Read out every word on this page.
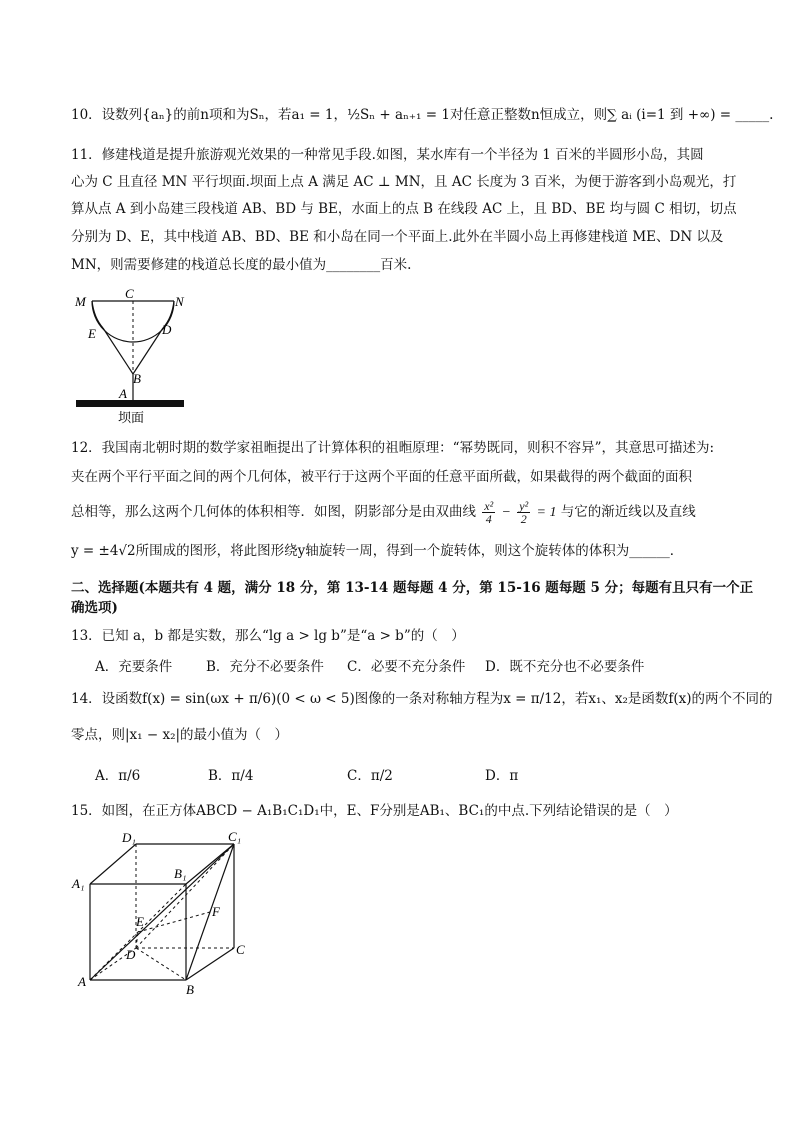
10．设数列{aₙ}的前n项和为Sₙ，若a₁ = 1，½Sₙ + aₙ₊₁ = 1对任意正整数n恒成立，则∑ aᵢ (i=1 到 +∞) = _____.
11．修建栈道是提升旅游观光效果的一种常见手段.如图，某水库有一个半径为 1 百米的半圆形小岛，其圆
心为 C 且直径 MN 平行坝面.坝面上点 A 满足 AC ⊥ MN，且 AC 长度为 3 百米，为便于游客到小岛观光，打
算从点 A 到小岛建三段栈道 AB、BD 与 BE，水面上的点 B 在线段 AC 上，且 BD、BE 均与圆 C 相切，切点
分别为 D、E，其中栈道 AB、BD、BE 和小岛在同一个平面上.此外在半圆小岛上再修建栈道 ME、DN 以及
MN，则需要修建的栈道总长度的最小值为________百米.
M
C
N
E	D
B
A
坝面
12．我国南北朝时期的数学家祖暅提出了计算体积的祖暅原理：“幂势既同，则积不容异”，其意思可描述为:
夹在两个平行平面之间的两个几何体，被平行于这两个平面的任意平面所截，如果截得的两个截面的面积
总相等，那么这两个几何体的体积相等．如图，阴影部分是由双曲线 $\frac{\text{x²}}{4} - \frac{\text{y²}}{2} = 1$ 与它的渐近线以及直线
y = ±4√2所围成的图形，将此图形绕y轴旋转一周，得到一个旋转体，则这个旋转体的体积为______．
二、选择题(本题共有 4 题，满分 18 分，第 13-14 题每题 4 分，第 15-16 题每题 5 分；每题有且只有一个正
确选项)
13．已知 a，b 都是实数，那么“lg a > lg b”是“a > b”的（　）
A．充要条件	B．充分不必要条件 C．必要不充分条件 D．既不充分也不必要条件
14．设函数f(x) = sin(ωx + π/6)(0 < ω < 5)图像的一条对称轴方程为x = π/12，若x₁、x₂是函数f(x)的两个不同的
零点，则|x₁ − x₂|的最小值为（　）
A．π/6	B．π/4	C．π/2	D．π
15．如图，在正方体ABCD − A₁B₁C₁D₁中，E、F分别是AB₁、BC₁的中点.下列结论错误的是（　）
D₁	C₁
B₁
A₁
E
F
D	C
A
B
